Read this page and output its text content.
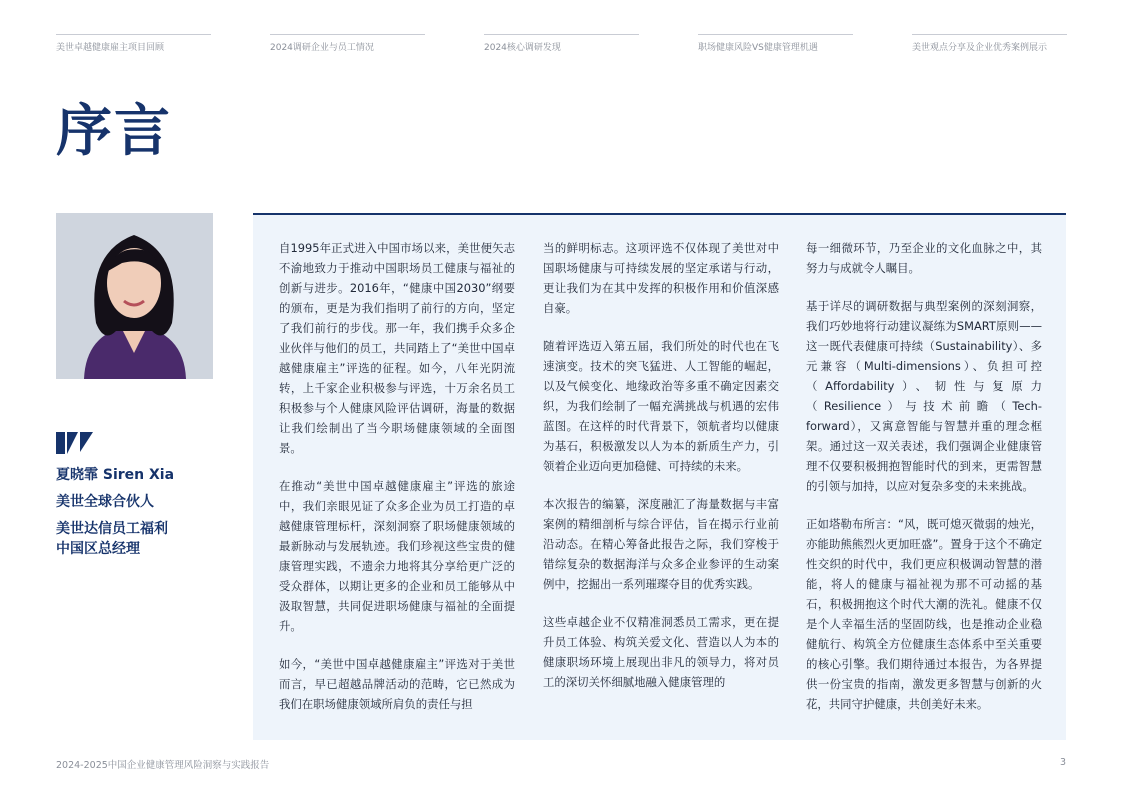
美世卓越健康雇主项目回顾	2024调研企业与员工情况	2024核心调研发现	职场健康风险VS健康管理机遇	美世观点分享及企业优秀案例展示
序言
夏晓霏 Siren Xia
美世全球合伙人
美世达信员工福利
中国区总经理

自1995年正式进入中国市场以来，美世便矢志不渝地致力于推动中国职场员工健康与福祉的创新与进步。2016年，“健康中国2030”纲要的颁布，更是为我们指明了前行的方向，坚定了我们前行的步伐。那一年，我们携手众多企业伙伴与他们的员工，共同踏上了“美世中国卓越健康雇主”评选的征程。如今，八年光阴流转，上千家企业积极参与评选，十万余名员工积极参与个人健康风险评估调研，海量的数据让我们绘制出了当今职场健康领域的全面图景。

在推动“美世中国卓越健康雇主”评选的旅途中，我们亲眼见证了众多企业为员工打造的卓越健康管理标杆，深刻洞察了职场健康领域的最新脉动与发展轨迹。我们珍视这些宝贵的健康管理实践，不遗余力地将其分享给更广泛的受众群体，以期让更多的企业和员工能够从中汲取智慧，共同促进职场健康与福祉的全面提升。

如今，“美世中国卓越健康雇主”评选对于美世而言，早已超越品牌活动的范畴，它已然成为我们在职场健康领域所肩负的责任与担

当的鲜明标志。这项评选不仅体现了美世对中国职场健康与可持续发展的坚定承诺与行动，更让我们为在其中发挥的积极作用和价值深感自豪。

随着评选迈入第五届，我们所处的时代也在飞速演变。技术的突飞猛进、人工智能的崛起，以及气候变化、地缘政治等多重不确定因素交织，为我们绘制了一幅充满挑战与机遇的宏伟蓝图。在这样的时代背景下，领航者均以健康为基石，积极激发以人为本的新质生产力，引领着企业迈向更加稳健、可持续的未来。

本次报告的编纂，深度融汇了海量数据与丰富案例的精细剖析与综合评估，旨在揭示行业前沿动态。在精心筹备此报告之际，我们穿梭于错综复杂的数据海洋与众多企业参评的生动案例中，挖掘出一系列璀璨夺目的优秀实践。

这些卓越企业不仅精准洞悉员工需求，更在提升员工体验、构筑关爱文化、营造以人为本的健康职场环境上展现出非凡的领导力，将对员工的深切关怀细腻地融入健康管理的

每一细微环节，乃至企业的文化血脉之中，其努力与成就令人瞩目。

基于详尽的调研数据与典型案例的深刻洞察，我们巧妙地将行动建议凝练为SMART原则——这一既代表健康可持续（Sustainability）、多元兼容（Multi-dimensions）、负担可控（Affordability）、韧性与复原力（Resilience）与技术前瞻（Tech-forward），又寓意智能与智慧并重的理念框架。通过这一双关表述，我们强调企业健康管理不仅要积极拥抱智能时代的到来，更需智慧的引领与加持，以应对复杂多变的未来挑战。

正如塔勒布所言：“风，既可熄灭微弱的烛光，亦能助熊熊烈火更加旺盛”。置身于这个不确定性交织的时代中，我们更应积极调动智慧的潜能，将人的健康与福祉视为那不可动摇的基石，积极拥抱这个时代大潮的洗礼。健康不仅是个人幸福生活的坚固防线，也是推动企业稳健航行、构筑全方位健康生态体系中至关重要的核心引擎。我们期待通过本报告，为各界提供一份宝贵的指南，激发更多智慧与创新的火花，共同守护健康，共创美好未来。

2024-2025中国企业健康管理风险洞察与实践报告	3
